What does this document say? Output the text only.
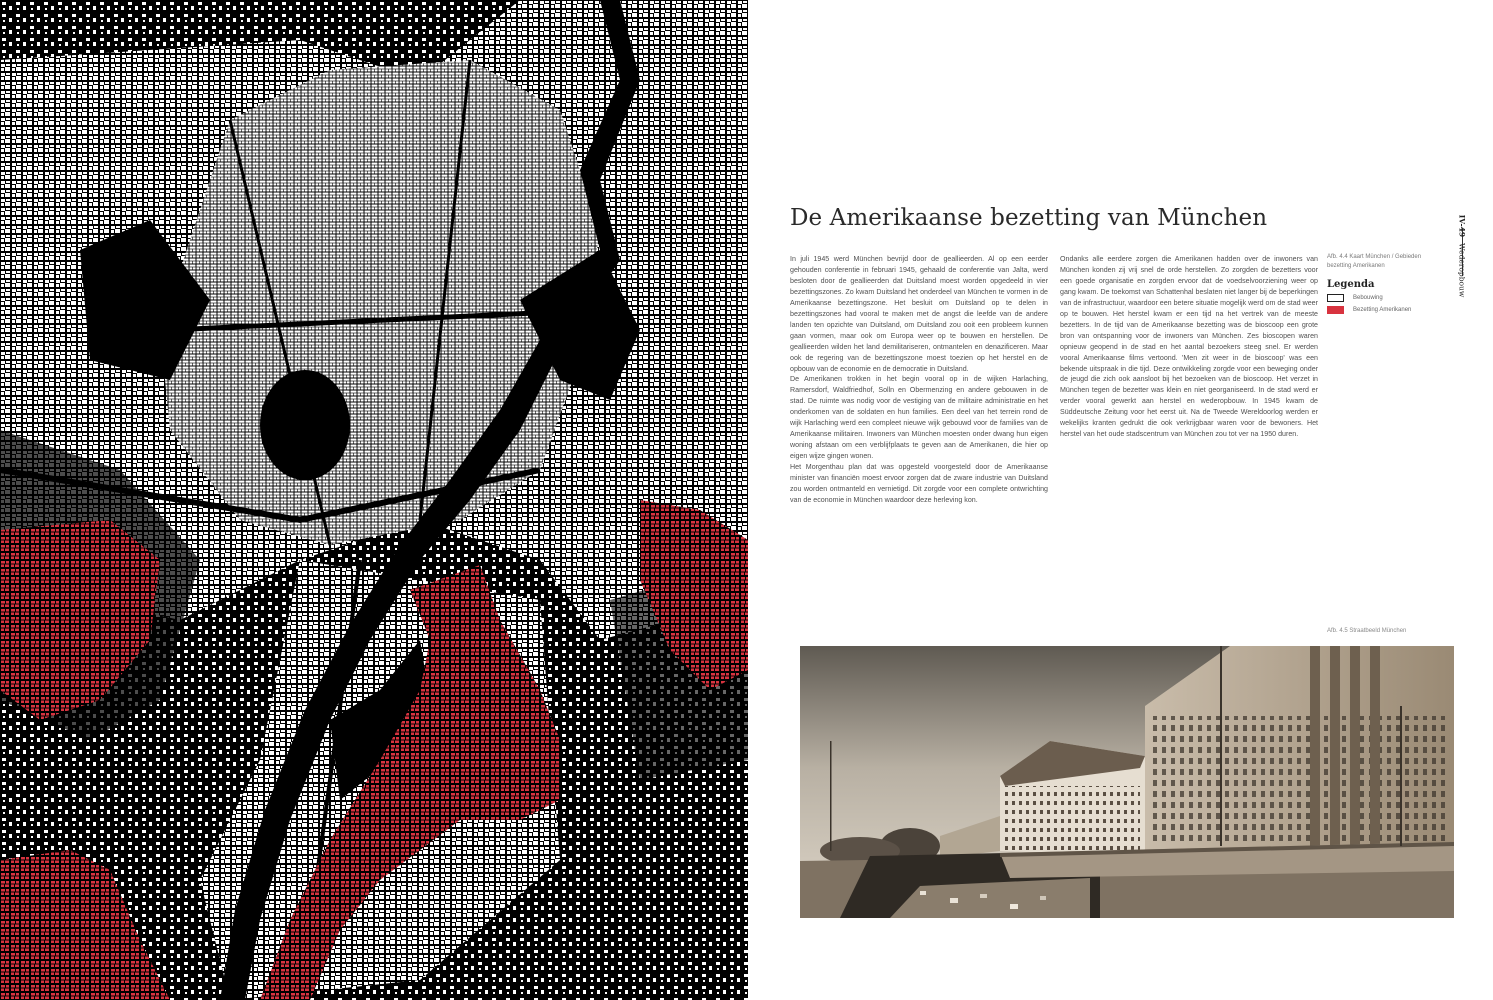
De Amerikaanse bezetting van München

In juli 1945 werd München bevrijd door de geallieerden. Al op een eerder gehouden conferentie in februari 1945, gehaald de conferentie van Jalta, werd besloten door de geallieerden dat Duitsland moest worden opgedeeld in vier bezettingszones. Zo kwam Duitsland het onderdeel van München te vormen in de Amerikaanse bezettingszone. Het besluit om Duitsland op te delen in bezettingszones had vooral te maken met de angst die leefde van de andere landen ten opzichte van Duitsland, om Duitsland zou ooit een probleem kunnen gaan vormen, maar ook om Europa weer op te bouwen en herstellen. De geallieerden wilden het land demilitariseren, ontmantelen en denazificeren. Maar ook de regering van de bezettingszone moest toezien op het herstel en de opbouw van de economie en de democratie in Duitsland.

De Amerikanen trokken in het begin vooral op in de wijken Harlaching, Ramersdorf, Waldfriedhof, Solln en Obermenzing en andere gebouwen in de stad. De ruimte was nodig voor de vestiging van de militaire administratie en het onderkomen van de soldaten en hun families. Een deel van het terrein rond de wijk Harlaching werd een compleet nieuwe wijk gebouwd voor de families van de Amerikaanse militairen. Inwoners van München moesten onder dwang hun eigen woning afstaan om een verblijfplaats te geven aan de Amerikanen, die hier op eigen wijze gingen wonen.

Het Morgenthau plan dat was opgesteld voorgesteld door de Amerikaanse minister van financiën moest ervoor zorgen dat de zware industrie van Duitsland zou worden ontmanteld en vernietigd. Dit zorgde voor een complete ontwrichting van de economie in München waardoor deze herleving kon.

Ondanks alle eerdere zorgen die Amerikanen hadden over de inwoners van München konden zij vrij snel de orde herstellen. Zo zorgden de bezetters voor een goede organisatie en zorgden ervoor dat de voedselvoorziening weer op gang kwam. De toekomst van Schattenhal beslaten niet langer bij de beperkingen van de infrastructuur, waardoor een betere situatie mogelijk werd om de stad weer op te bouwen. Het herstel kwam er een tijd na het vertrek van de meeste bezetters. In de tijd van de Amerikaanse bezetting was de bioscoop een grote bron van ontspanning voor de inwoners van München. Zes bioscopen waren opnieuw geopend in de stad en het aantal bezoekers steeg snel. Er werden vooral Amerikaanse films vertoond. 'Men zit weer in de bioscoop' was een bekende uitspraak in die tijd. Deze ontwikkeling zorgde voor een beweging onder de jeugd die zich ook aansloot bij het bezoeken van de bioscoop. Het verzet in München tegen de bezetter was klein en niet georganiseerd. In de stad werd er verder vooral gewerkt aan herstel en wederopbouw. In 1945 kwam de Süddeutsche Zeitung voor het eerst uit. Na de Tweede Wereldoorlog werden er wekelijks kranten gedrukt die ook verkrijgbaar waren voor de bewoners. Het herstel van het oude stadscentrum van München zou tot ver na 1950 duren.

Afb. 4.4 Kaart München / Gebieden bezetting Amerikanen
Legenda
Bebouwing
Bezetting Amerikanen
IV-49Wederopbouw
Afb. 4.5 Straatbeeld München
